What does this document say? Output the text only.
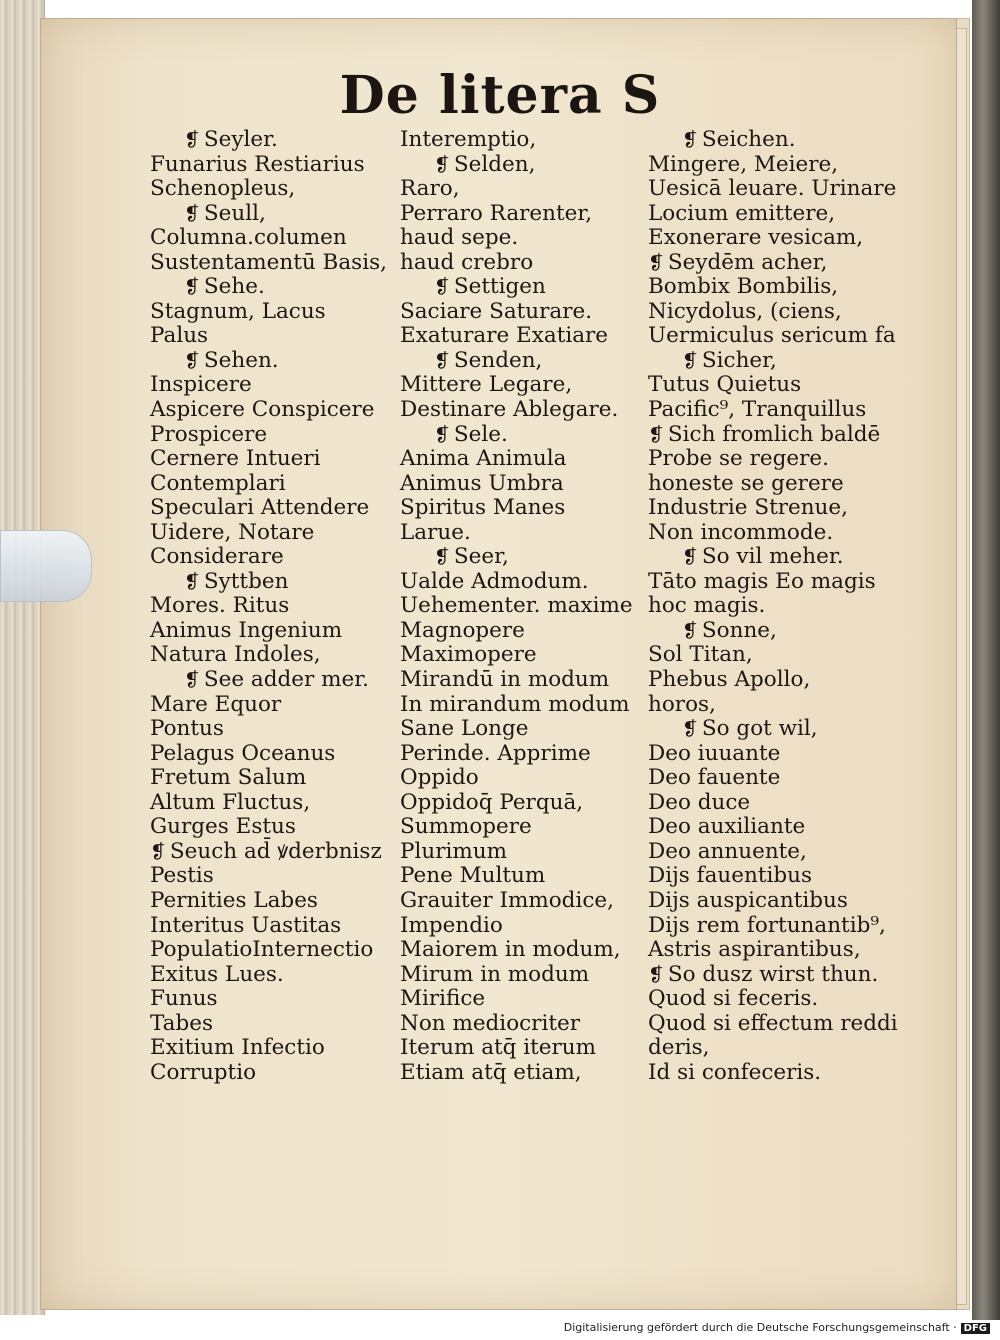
De litera S
❡ Seyler.
Funarius Restiarius
Schenopleus,
❡ Seull,
Columna.columen
Sustentamentū Basis,
❡ Sehe.
Stagnum, Lacus
Palus
❡ Sehen.
Inspicere
Aspicere Conspicere
Prospicere
Cernere Intueri
Contemplari
Speculari Attendere
Uidere, Notare
Considerare
❡ Syttben
Mores. Ritus
Animus Ingenium
Natura Indoles,
❡ See adder mer.
Mare Equor
Pontus
Pelagus Oceanus
Fretum Salum
Altum Fluctus,
Gurges Estus
❡ Seuch ad̄ ꝟderbnisz
Pestis
Pernities Labes
Interitus Uastitas
PopulatioInternectio
Exitus Lues.
Funus
Tabes
Exitium Infectio
Corruptio
Interemptio,
❡ Selden,
Raro,
Perraro Rarenter,
haud sepe.
haud crebro
❡ Settigen
Saciare Saturare.
Exaturare Exatiare
❡ Senden,
Mittere Legare,
Destinare Ablegare.
❡ Sele.
Anima Animula
Animus Umbra
Spiritus Manes
Larue.
❡ Seer,
Ualde Admodum.
Uehementer. maxime
Magnopere
Maximopere
Mirandū in modum
In mirandum modum
Sane Longe
Perinde. Apprime
Oppido
Oppidoq̄ Perquā,
Summopere
Plurimum
Pene Multum
Grauiter Immodice,
Impendio
Maiorem in modum,
Mirum in modum
Mirifice
Non mediocriter
Iterum atq̄ iterum
Etiam atq̄ etiam,
❡ Seichen.
Mingere, Meiere,
Uesicā leuare. Urinare
Locium emittere,
Exonerare vesicam,
❡ Seydēm acher,
Bombix Bombilis,
Nicydolus, (ciens,
Uermiculus sericum fa
❡ Sicher,
Tutus Quietus
Pacific⁹, Tranquillus
❡ Sich fromlich baldē
Probe se regere.
honeste se gerere
Industrie Strenue,
Non incommode.
❡ So vil meher.
Tāto magis Eo magis
hoc magis.
❡ Sonne,
Sol Titan,
Phebus Apollo,
horos,
❡ So got wil,
Deo iuuante
Deo fauente
Deo duce
Deo auxiliante
Deo annuente,
Dijs fauentibus
Dijs auspicantibus
Dijs rem fortunantib⁹,
Astris aspirantibus,
❡ So dusz wirst thun.
Quod si feceris.
Quod si effectum reddi
deris,
Id si confeceris.
Digitalisierung gefördert durch die Deutsche Forschungsgemeinschaft · DFG
